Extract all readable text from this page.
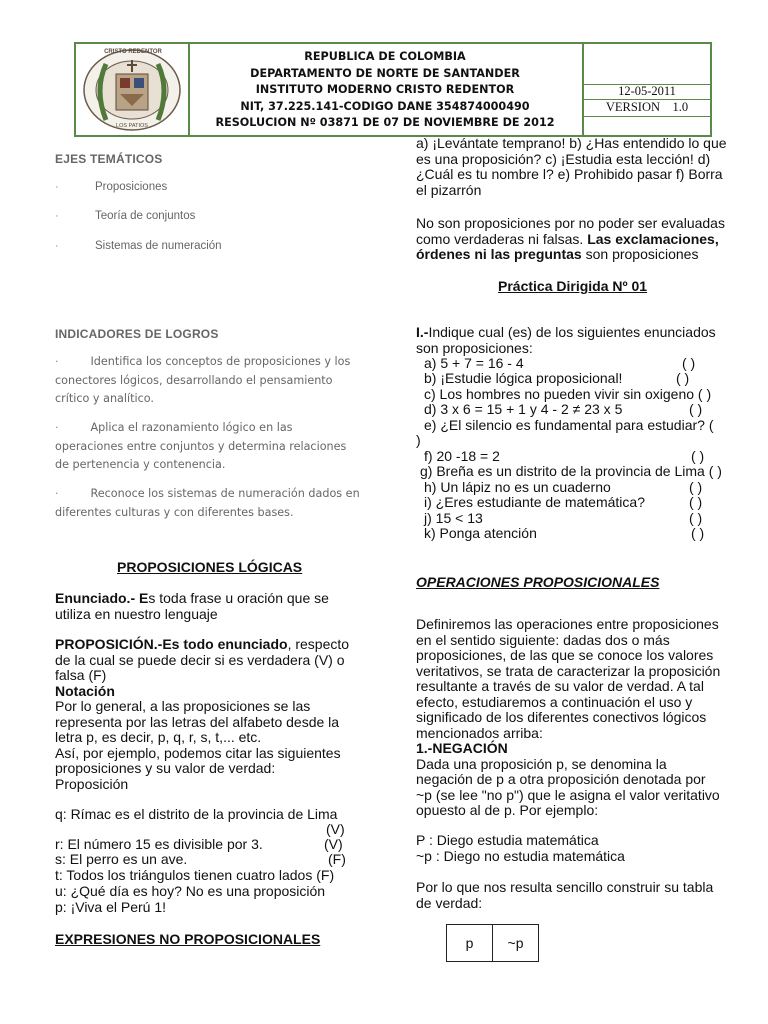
CRISTO REDENTOR
LOS PATIOS
REPUBLICA DE COLOMBIA
DEPARTAMENTO DE NORTE DE SANTANDER
INSTITUTO MODERNO CRISTO REDENTOR
NIT, 37.225.141-CODIGO DANE 354874000490
RESOLUCION Nº 03871 DE 07 DE NOVIEMBRE DE 2012
12-05-2011
VERSION 1.0
EJES TEMÁTICOS
·	Proposiciones
·	Teoría de conjuntos
·	Sistemas de numeración
INDICADORES DE LOGROS
·	Identifica los conceptos de proposiciones y los
conectores lógicos, desarrollando el pensamiento
crítico y analítico.
·	Aplica el razonamiento lógico en las
operaciones entre conjuntos y determina relaciones
de pertenencia y contenencia.
·	Reconoce los sistemas de numeración dados en
diferentes culturas y con diferentes bases.
PROPOSICIONES LÓGICAS
Enunciado.- Es toda frase u oración que se
utiliza en nuestro lenguaje
PROPOSICIÓN.-Es todo enunciado, respecto
de la cual se puede decir si es verdadera (V) o
falsa (F)
Notación
Por lo general, a las proposiciones se las
representa por las letras del alfabeto desde la
letra p, es decir, p, q, r, s, t,... etc.
Así, por ejemplo, podemos citar las siguientes
proposiciones y su valor de verdad:
Proposición
q: Rímac es el distrito de la provincia de Lima
(V)
r: El número 15 es divisible por 3.	(V)
s: El perro es un ave.	(F)
t: Todos los triángulos tienen cuatro lados (F)
u: ¿Qué día es hoy? No es una proposición
p: ¡Viva el Perú 1!
EXPRESIONES NO PROPOSICIONALES
a) ¡Levántate temprano! b) ¿Has entendido lo que
es una proposición? c) ¡Estudia esta lección! d)
¿Cuál es tu nombre l? e) Prohibido pasar f) Borra
el pizarrón
No son proposiciones por no poder ser evaluadas
como verdaderas ni falsas. Las exclamaciones,
órdenes ni las preguntas son proposiciones
Práctica Dirigida Nº 01
I.-Indique cual (es) de los siguientes enunciados
son proposiciones:
a) 5 + 7 = 16 - 4	( )
b) ¡Estudie lógica proposicional!	( )
c) Los hombres no pueden vivir sin oxigeno ( )
d) 3 x 6 = 15 + 1 y 4 - 2 ≠ 23 x 5	( )
e) ¿El silencio es fundamental para estudiar? (
)
f) 20 -18 = 2	( )
g) Breña es un distrito de la provincia de Lima ( )
h) Un lápiz no es un cuaderno	( )
i) ¿Eres estudiante de matemática?	( )
j) 15 < 13	( )
k) Ponga atención	( )
OPERACIONES PROPOSICIONALES
Definiremos las operaciones entre proposiciones
en el sentido siguiente: dadas dos o más
proposiciones, de las que se conoce los valores
veritativos, se trata de caracterizar la proposición
resultante a través de su valor de verdad. A tal
efecto, estudiaremos a continuación el uso y
significado de los diferentes conectivos lógicos
mencionados arriba:
1.-NEGACIÓN
Dada una proposición p, se denomina la
negación de p a otra proposición denotada por
~p (se lee "no p") que le asigna el valor veritativo
opuesto al de p. Por ejemplo:
P : Diego estudia matemática
~p : Diego no estudia matemática
Por lo que nos resulta sencillo construir su tabla
de verdad:
p	~p
